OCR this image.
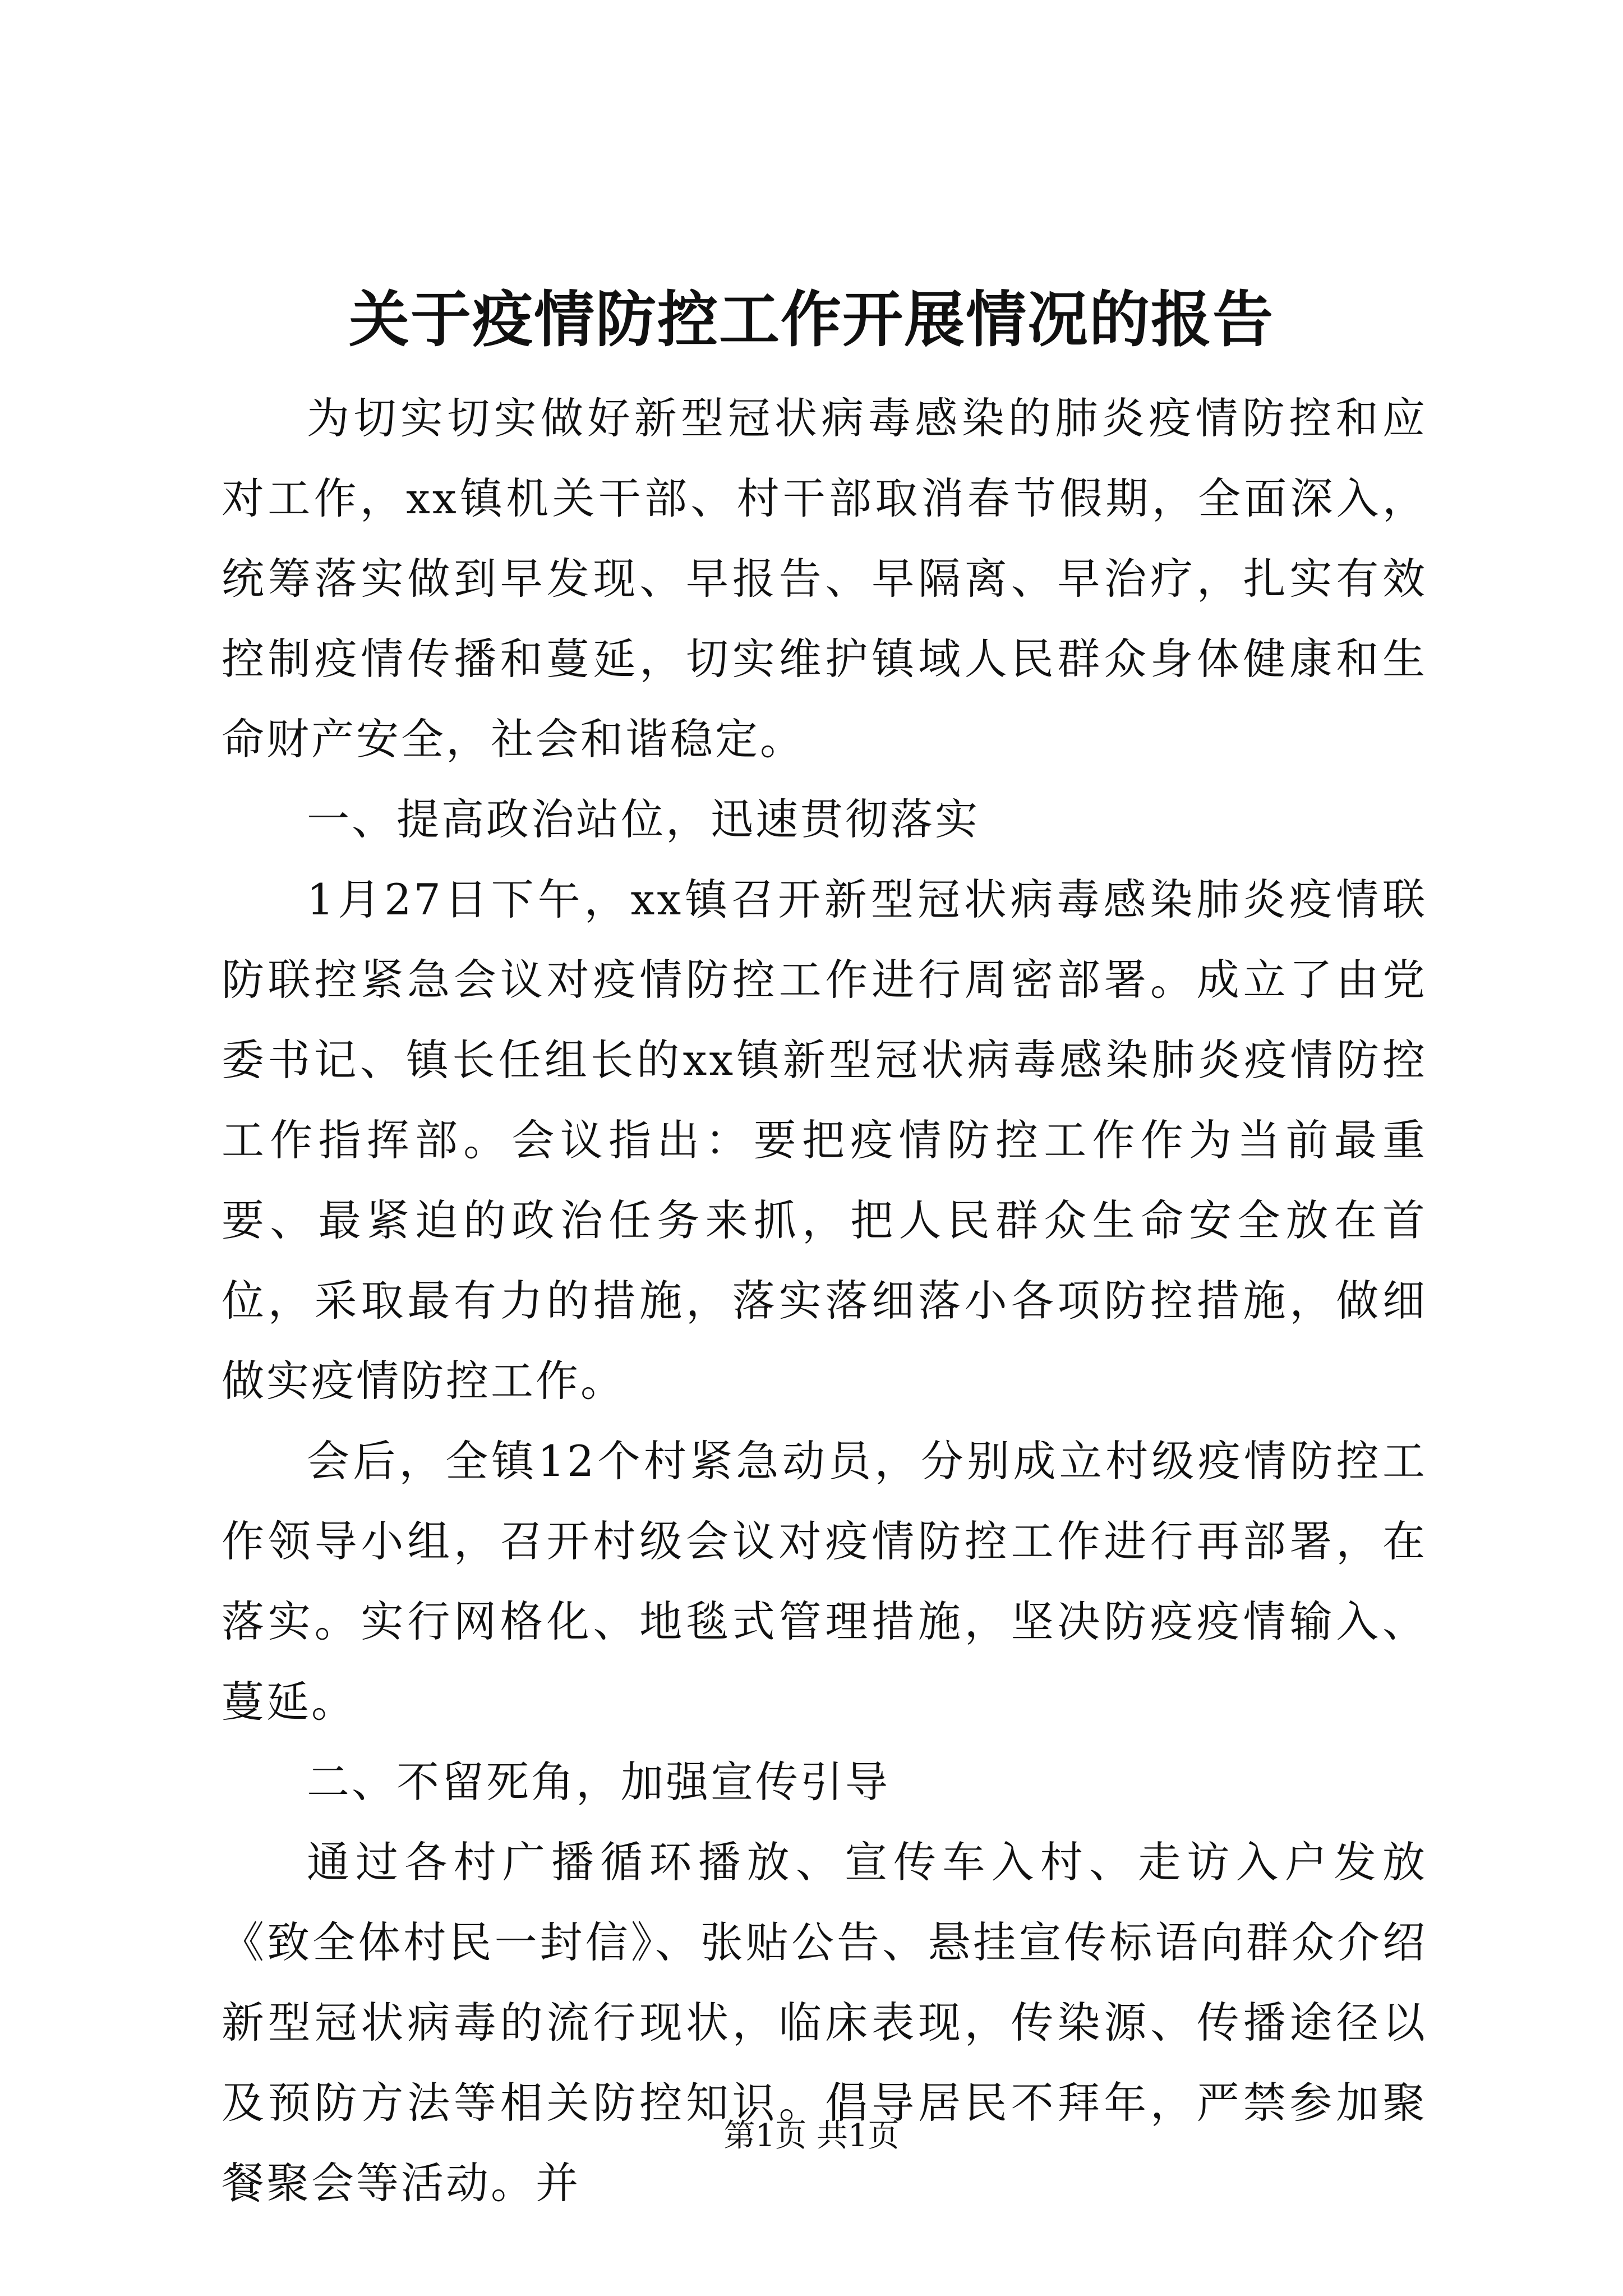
关于疫情防控工作开展情况的报告

为切实切实做好新型冠状病毒感染的肺炎疫情防控和应对工作，xx镇机关干部、村干部取消春节假期，全面深入，统筹落实做到早发现、早报告、早隔离、早治疗，扎实有效控制疫情传播和蔓延，切实维护镇域人民群众身体健康和生命财产安全，社会和谐稳定。

一、提高政治站位，迅速贯彻落实

1月27日下午，xx镇召开新型冠状病毒感染肺炎疫情联防联控紧急会议对疫情防控工作进行周密部署。成立了由党委书记、镇长任组长的xx镇新型冠状病毒感染肺炎疫情防控工作指挥部。会议指出：要把疫情防控工作作为当前最重要、最紧迫的政治任务来抓，把人民群众生命安全放在首位，采取最有力的措施，落实落细落小各项防控措施，做细做实疫情防控工作。

会后，全镇12个村紧急动员，分别成立村级疫情防控工作领导小组，召开村级会议对疫情防控工作进行再部署，在落实。实行网格化、地毯式管理措施，坚决防疫疫情输入、蔓延。

二、不留死角，加强宣传引导

通过各村广播循环播放、宣传车入村、走访入户发放《致全体村民一封信》、张贴公告、悬挂宣传标语向群众介绍新型冠状病毒的流行现状，临床表现，传染源、传播途径以及预防方法等相关防控知识。倡导居民不拜年，严禁参加聚餐聚会等活动。并

第1页 共1页
